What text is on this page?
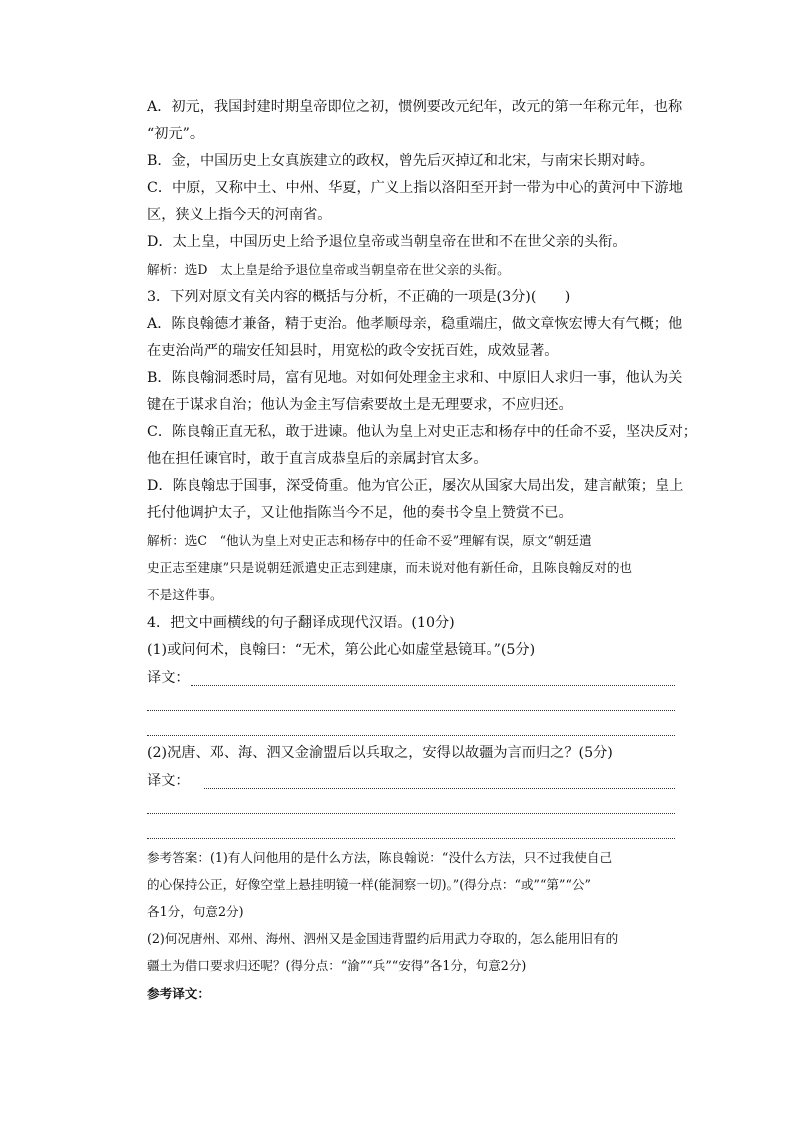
A．初元，我国封建时期皇帝即位之初，惯例要改元纪年，改元的第一年称元年，也称
“初元”。
B．金，中国历史上女真族建立的政权，曾先后灭掉辽和北宋，与南宋长期对峙。
C．中原，又称中土、中州、华夏，广义上指以洛阳至开封一带为中心的黄河中下游地
区，狭义上指今天的河南省。
D．太上皇，中国历史上给予退位皇帝或当朝皇帝在世和不在世父亲的头衔。
解析：选D　太上皇是给予退位皇帝或当朝皇帝在世父亲的头衔。
3．下列对原文有关内容的概括与分析，不正确的一项是(3分)(　　)
A．陈良翰德才兼备，精于吏治。他孝顺母亲，稳重端庄，做文章恢宏博大有气概；他
在吏治尚严的瑞安任知县时，用宽松的政令安抚百姓，成效显著。
B．陈良翰洞悉时局，富有见地。对如何处理金主求和、中原旧人求归一事，他认为关
键在于谋求自治；他认为金主写信索要故土是无理要求，不应归还。
C．陈良翰正直无私，敢于进谏。他认为皇上对史正志和杨存中的任命不妥，坚决反对；
他在担任谏官时，敢于直言成恭皇后的亲属封官太多。
D．陈良翰忠于国事，深受倚重。他为官公正，屡次从国家大局出发，建言献策；皇上
托付他调护太子，又让他指陈当今不足，他的奏书令皇上赞赏不已。
解析：选C　“他认为皇上对史正志和杨存中的任命不妥”理解有误，原文“朝廷遣
史正志至建康”只是说朝廷派遣史正志到建康，而未说对他有新任命，且陈良翰反对的也
不是这件事。
4．把文中画横线的句子翻译成现代汉语。(10分)
(1)或问何术，良翰曰：“无术，第公此心如虚堂悬镜耳。”(5分)
译文：
(2)况唐、邓、海、泗又金渝盟后以兵取之，安得以故疆为言而归之？(5分)
译文：
参考答案：(1)有人问他用的是什么方法，陈良翰说：“没什么方法，只不过我使自己
的心保持公正，好像空堂上悬挂明镜一样(能洞察一切)。”(得分点：“或”“第”“公”
各1分，句意2分)
(2)何况唐州、邓州、海州、泗州又是金国违背盟约后用武力夺取的，怎么能用旧有的
疆土为借口要求归还呢？(得分点：“渝”“兵”“安得”各1分，句意2分)
参考译文：
